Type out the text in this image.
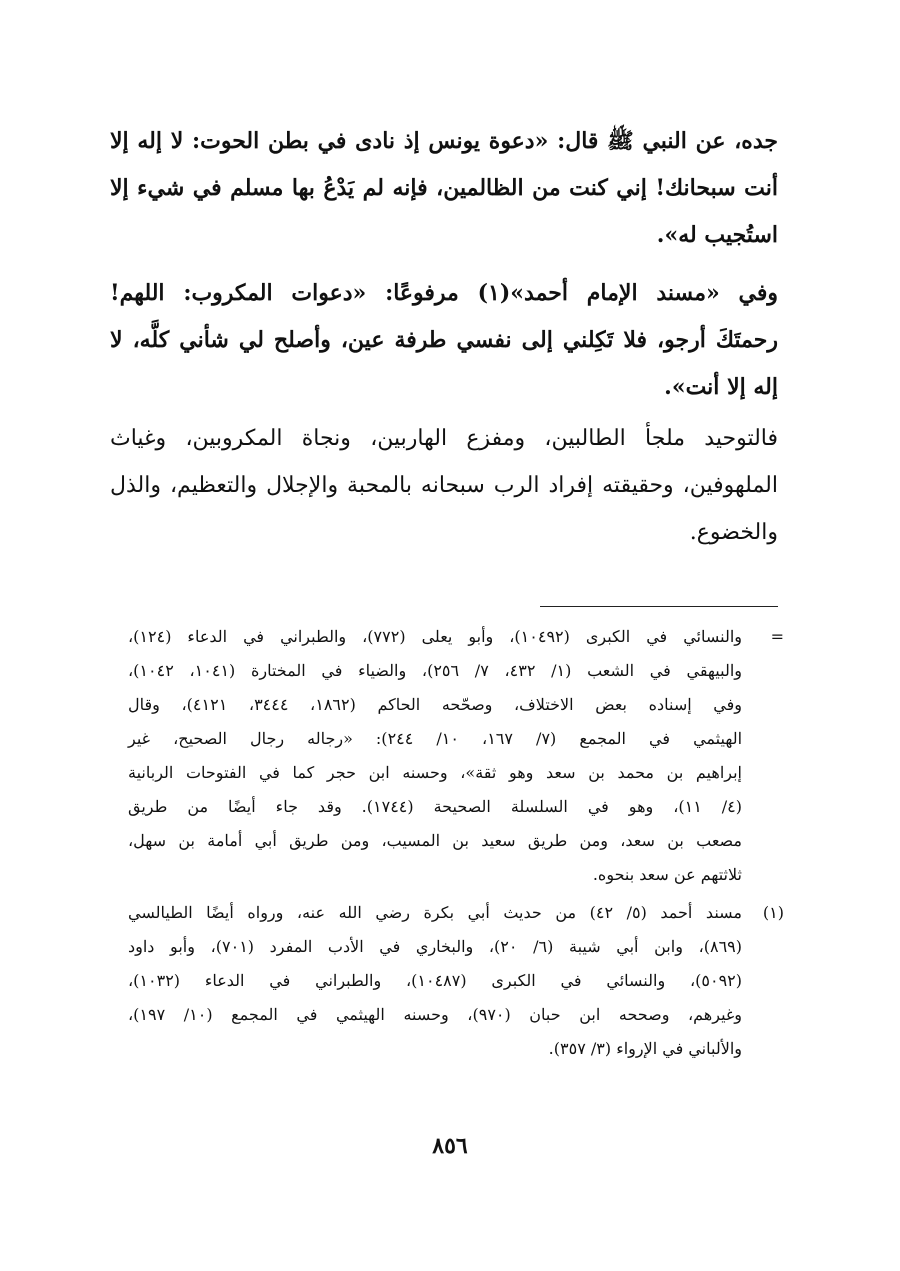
جده، عن النبي ﷺ قال: «دعوة يونس إذ نادى في بطن الحوت: لا إله إلا
أنت سبحانك! إني كنت من الظالمين، فإنه لم يَدْعُ بها مسلم في شيء إلا
استُجيب له».
وفي «مسند الإمام أحمد»(١) مرفوعًا: «دعوات المكروب: اللهم!
رحمتَكَ أرجو، فلا تَكِلني إلى نفسي طرفة عين، وأصلح لي شأني كلَّه، لا
إله إلا أنت».
فالتوحيد ملجأ الطالبين، ومفزع الهاربين، ونجاة المكروبين، وغياث
الملهوفين، وحقيقته إفراد الرب سبحانه بالمحبة والإجلال والتعظيم، والذل
والخضوع.
=
والنسائي في الكبرى (١٠٤٩٢)، وأبو يعلى (٧٧٢)، والطبراني في الدعاء (١٢٤)،
والبيهقي في الشعب (١/ ٤٣٢، ٧/ ٢٥٦)، والضياء في المختارة (١٠٤١، ١٠٤٢)،
وفي إسناده بعض الاختلاف، وصحّحه الحاكم (١٨٦٢، ٣٤٤٤، ٤١٢١)، وقال
الهيثمي في المجمع (٧/ ١٦٧، ١٠/ ٢٤٤): «رجاله رجال الصحيح، غير
إبراهيم بن محمد بن سعد وهو ثقة»، وحسنه ابن حجر كما في الفتوحات الربانية
(٤/ ١١)، وهو في السلسلة الصحيحة (١٧٤٤). وقد جاء أيضًا من طريق
مصعب بن سعد، ومن طريق سعيد بن المسيب، ومن طريق أبي أمامة بن سهل،
ثلاثتهم عن سعد بنحوه.
(١)
مسند أحمد (٥/ ٤٢) من حديث أبي بكرة رضي الله عنه، ورواه أيضًا الطيالسي
(٨٦٩)، وابن أبي شيبة (٦/ ٢٠)، والبخاري في الأدب المفرد (٧٠١)، وأبو داود
(٥٠٩٢)، والنسائي في الكبرى (١٠٤٨٧)، والطبراني في الدعاء (١٠٣٢)،
وغيرهم، وصححه ابن حبان (٩٧٠)، وحسنه الهيثمي في المجمع (١٠/ ١٩٧)،
والألباني في الإرواء (٣/ ٣٥٧).
٨٥٦
